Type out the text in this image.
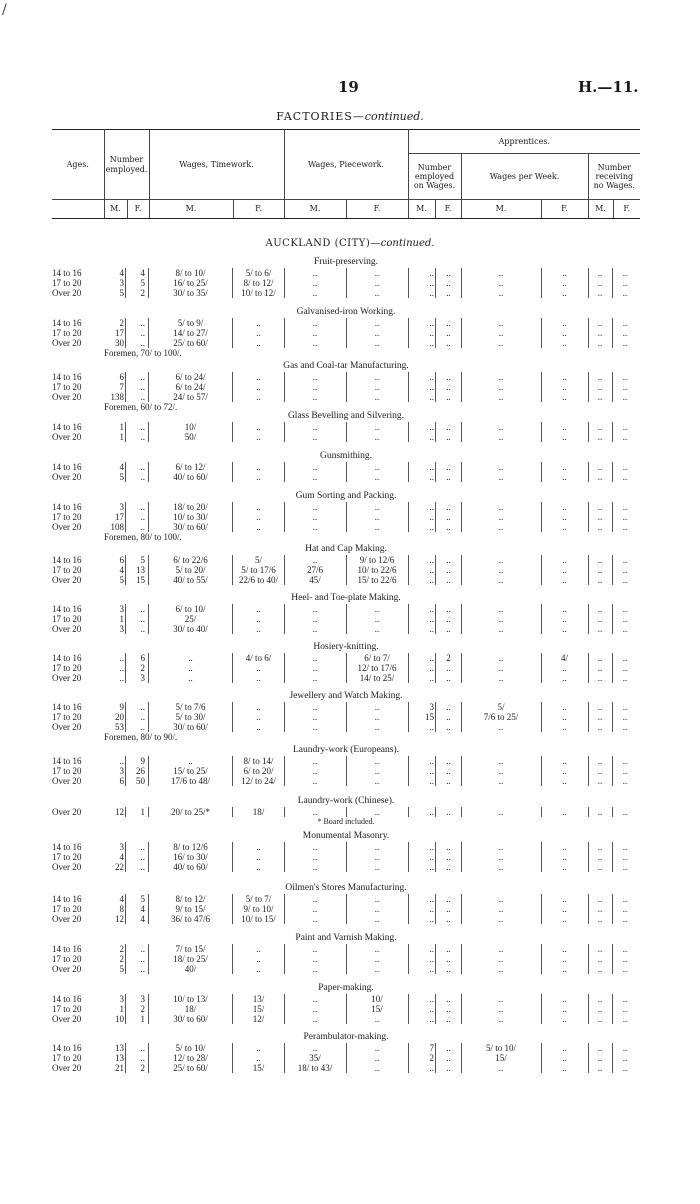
/
19	H.—11.
FACTORIES—continued.
Ages.	Number employed.		Wages, Timework.		Wages, Piecework.		Apprentices.					
							Number employed on Wages.		Wages per Week.		Number receiving no Wages.	
	M.	F.	M.	F.	M.	F.	M.	F.	M.	F.	M.	F.
AUCKLAND (CITY)—continued.
Fruit-preserving.
14 to 16	4	4	8/ to 10/	5/ to 6/	..	..	..	..	..	..	..	..
17 to 20	3	5	16/ to 25/	8/ to 12/	..	..	..	..	..	..	..	..
Over 20	5	2	30/ to 35/	10/ to 12/	..	..	..	..	..	..	..	..
Galvanised-iron Working.
14 to 16	2	..	5/ to 9/	..	..	..	..	..	..	..	..	..
17 to 20	17	..	14/ to 27/	..	..	..	..	..	..	..	..	..
Over 20	30	..	25/ to 60/	..	..	..	..	..	..	..	..	..
Foremen, 70/ to 100/.
Gas and Coal-tar Manufacturing.
14 to 16	6	..	6/ to 24/	..	..	..	..	..	..	..	..	..
17 to 20	7	..	6/ to 24/	..	..	..	..	..	..	..	..	..
Over 20	138	..	24/ to 57/	..	..	..	..	..	..	..	..	..
Foremen, 60/ to 72/.
Glass Bevelling and Silvering.
14 to 16	1	..	10/	..	..	..	..	..	..	..	..	..
Over 20	1	..	50/	..	..	..	..	..	..	..	..	..
Gunsmithing.
14 to 16	4	..	6/ to 12/	..	..	..	..	..	..	..	..	..
Over 20	5	..	40/ to 60/	..	..	..	..	..	..	..	..	..
Gum Sorting and Packing.
14 to 16	3	..	18/ to 20/	..	..	..	..	..	..	..	..	..
17 to 20	17	..	10/ to 30/	..	..	..	..	..	..	..	..	..
Over 20	108	..	30/ to 60/	..	..	..	..	..	..	..	..	..
Foremen, 80/ to 100/.
Hat and Cap Making.
14 to 16	6	5	6/ to 22/6	5/	..	9/ to 12/6	..	..	..	..	..	..
17 to 20	4	13	5/ to 20/	5/ to 17/6	27/6	10/ to 22/6	..	..	..	..	..	..
Over 20	5	15	40/ to 55/	22/6 to 40/	45/	15/ to 22/6	..	..	..	..	..	..
Heel- and Toe-plate Making.
14 to 16	3	..	6/ to 10/	..	..	..	..	..	..	..	..	..
17 to 20	1	..	25/	..	..	..	..	..	..	..	..	..
Over 20	3	..	30/ to 40/	..	..	..	..	..	..	..	..	..
Hosiery-knitting.
14 to 16	..	6	..	4/ to 6/	..	6/ to 7/	..	2	..	4/	..	..
17 to 20	..	2	..	..	..	12/ to 17/6	..	..	..	..	..	..
Over 20	..	3	..	..	..	14/ to 25/	..	..	..	..	..	..
Jewellery and Watch Making.
14 to 16	9	..	5/ to 7/6	..	..	..	3	..	5/	..	..	..
17 to 20	20	..	5/ to 30/	..	..	..	15	..	7/6 to 25/	..	..	..
Over 20	53	..	30/ to 60/	..	..	..	..	..	..	..	..	..
Foremen, 80/ to 90/.
Laundry-work (Europeans).
14 to 16	..	9	..	8/ to 14/	..	..	..	..	..	..	..	..
17 to 20	3	26	15/ to 25/	6/ to 20/	..	..	..	..	..	..	..	..
Over 20	6	50	17/6 to 48/	12/ to 24/	..	..	..	..	..	..	..	..
Laundry-work (Chinese).
Over 20	12	1	20/ to 25/*	18/	..	..	..	..	..	..	..	..
* Board included.
Monumental Masonry.
14 to 16	3	..	8/ to 12/6	..	..	..	..	..	..	..	..	..
17 to 20	4	..	16/ to 30/	..	..	..	..	..	..	..	..	..
Over 20	22	..	40/ to 60/	..	..	..	..	..	..	..	..	..
Oilmen's Stores Manufacturing.
14 to 16	4	5	8/ to 12/	5/ to 7/	..	..	..	..	..	..	..	..
17 to 20	8	4	9/ to 15/	9/ to 10/	..	..	..	..	..	..	..	..
Over 20	12	4	36/ to 47/6	10/ to 15/	..	..	..	..	..	..	..	..
Paint and Varnish Making.
14 to 16	2	..	7/ to 15/	..	..	..	..	..	..	..	..	..
17 to 20	2	..	18/ to 25/	..	..	..	..	..	..	..	..	..
Over 20	5	..	40/	..	..	..	..	..	..	..	..	..
Paper-making.
14 to 16	3	3	10/ to 13/	13/	..	10/	..	..	..	..	..	..
17 to 20	1	2	18/	15/	..	15/	..	..	..	..	..	..
Over 20	10	1	30/ to 60/	12/	..	..	..	..	..	..	..	..
Perambulator-making.
14 to 16	13	..	5/ to 10/	..	..	..	7	..	5/ to 10/	..	..	..
17 to 20	13	..	12/ to 28/	..	35/	..	2	..	15/	..	..	..
Over 20	21	2	25/ to 60/	15/	18/ to 43/	..	..	..	..	..	..	..
